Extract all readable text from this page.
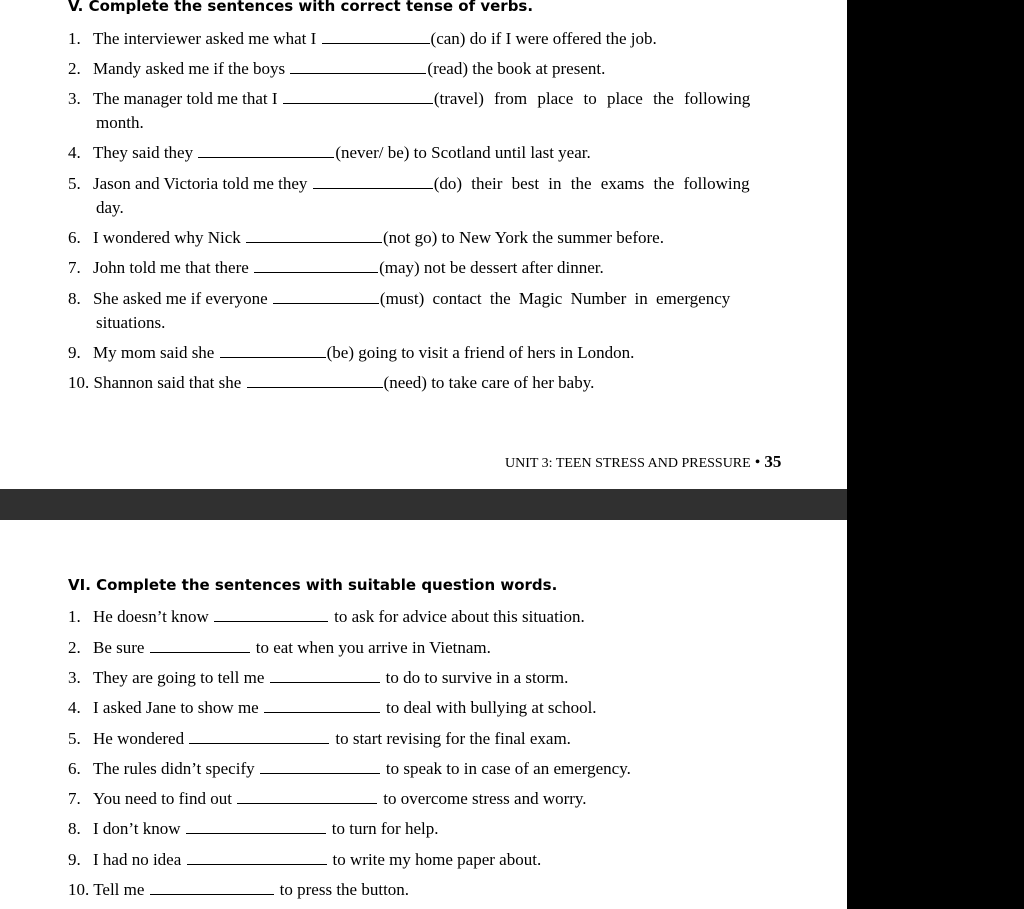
V. Complete the sentences with correct tense of verbs.
1. The interviewer asked me what I	(can) do if I were offered the job.
2. Mandy asked me if the boys	(read) the book at present.
3. The manager told me that I	(travel) from place to place the following
month.
4. They said they	(never/ be) to Scotland until last year.
5. Jason and Victoria told me they	(do) their best in the exams the following
day.
6. I wondered why Nick	(not go) to New York the summer before.
7. John told me that there	(may) not be dessert after dinner.
8. She asked me if everyone	(must) contact the Magic Number in emergency
situations.
9. My mom said she	(be) going to visit a friend of hers in London.
10. Shannon said that she	(need) to take care of her baby.
UNIT 3: TEEN STRESS AND PRESSURE • 35
VI. Complete the sentences with suitable question words.
1. He doesn’t know	to ask for advice about this situation.
2. Be sure	to eat when you arrive in Vietnam.
3. They are going to tell me	to do to survive in a storm.
4. I asked Jane to show me	to deal with bullying at school.
5. He wondered	to start revising for the final exam.
6. The rules didn’t specify	to speak to in case of an emergency.
7. You need to find out	to overcome stress and worry.
8. I don’t know	to turn for help.
9. I had no idea	to write my home paper about.
10. Tell me	to press the button.
